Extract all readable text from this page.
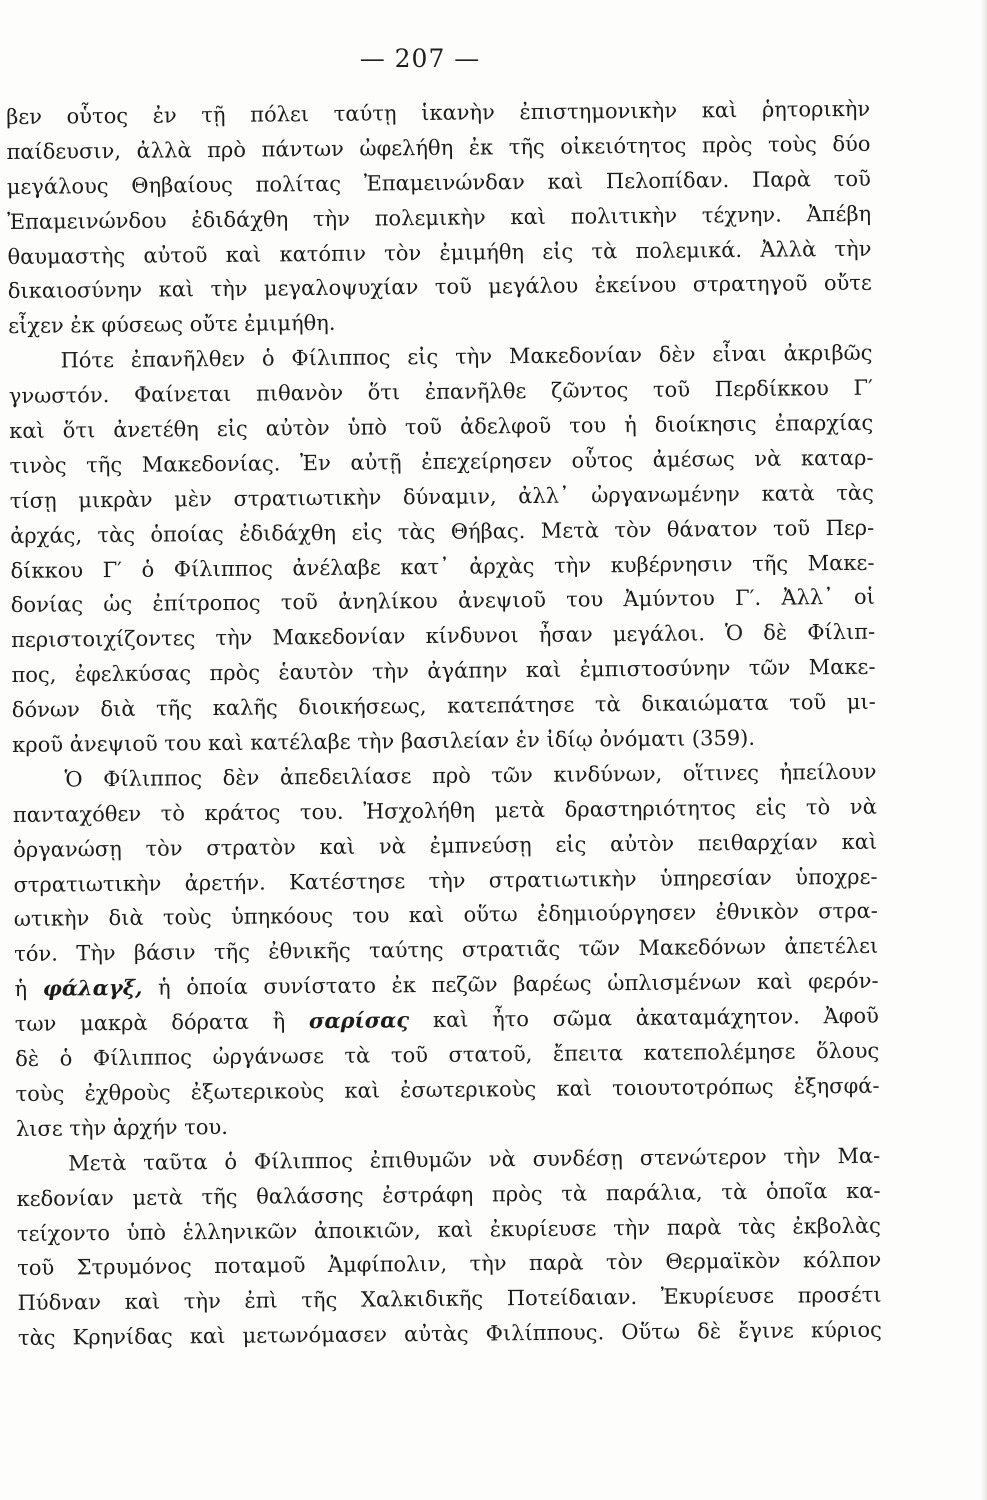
— 207 —
βεν οὗτος ἐν τῇ πόλει ταύτῃ ἱκανὴν ἐπιστημονικὴν καὶ ῥητορικὴν
παίδευσιν, ἀλλὰ πρὸ πάντων ὠφελήθη ἐκ τῆς οἰκειότητος πρὸς τοὺς δύο
μεγάλους Θηβαίους πολίτας Ἐπαμεινώνδαν καὶ Πελοπίδαν. Παρὰ τοῦ
Ἐπαμεινώνδου ἐδιδάχθη τὴν πολεμικὴν καὶ πολιτικὴν τέχνην. Ἀπέβη
θαυμαστὴς αὐτοῦ καὶ κατόπιν τὸν ἐμιμήθη εἰς τὰ πολεμικά. Ἀλλὰ τὴν
δικαιοσύνην καὶ τὴν μεγαλοψυχίαν τοῦ μεγάλου ἐκείνου στρατηγοῦ οὔτε
εἶχεν ἐκ φύσεως οὔτε ἐμιμήθη.
Πότε ἐπανῆλθεν ὁ Φίλιππος εἰς τὴν Μακεδονίαν δὲν εἶναι ἀκριβῶς
γνωστόν. Φαίνεται πιθανὸν ὅτι ἐπανῆλθε ζῶντος τοῦ Περδίκκου Γ′
καὶ ὅτι ἀνετέθη εἰς αὐτὸν ὑπὸ τοῦ ἀδελφοῦ του ἡ διοίκησις ἐπαρχίας
τινὸς τῆς Μακεδονίας. Ἐν αὐτῇ ἐπεχείρησεν οὗτος ἀμέσως νὰ καταρ-
τίσῃ μικρὰν μὲν στρατιωτικὴν δύναμιν, ἀλλ᾽ ὠργανωμένην κατὰ τὰς
ἀρχάς, τὰς ὁποίας ἐδιδάχθη εἰς τὰς Θήβας. Μετὰ τὸν θάνατον τοῦ Περ-
δίκκου Γ′ ὁ Φίλιππος ἀνέλαβε κατ᾽ ἀρχὰς τὴν κυβέρνησιν τῆς Μακε-
δονίας ὡς ἐπίτροπος τοῦ ἀνηλίκου ἀνεψιοῦ του Ἀμύντου Γ′. Ἀλλ᾽ οἱ
περιστοιχίζοντες τὴν Μακεδονίαν κίνδυνοι ἦσαν μεγάλοι. Ὁ δὲ Φίλιπ-
πος, ἐφελκύσας πρὸς ἑαυτὸν τὴν ἀγάπην καὶ ἐμπιστοσύνην τῶν Μακε-
δόνων διὰ τῆς καλῆς διοικήσεως, κατεπάτησε τὰ δικαιώματα τοῦ μι-
κροῦ ἀνεψιοῦ του καὶ κατέλαβε τὴν βασιλείαν ἐν ἰδίῳ ὀνόματι (359).
Ὁ Φίλιππος δὲν ἀπεδειλίασε πρὸ τῶν κινδύνων, οἵτινες ἠπείλουν
πανταχόθεν τὸ κράτος του. Ἠσχολήθη μετὰ δραστηριότητος εἰς τὸ νὰ
ὀργανώσῃ τὸν στρατὸν καὶ νὰ ἐμπνεύσῃ εἰς αὐτὸν πειθαρχίαν καὶ
στρατιωτικὴν ἀρετήν. Κατέστησε τὴν στρατιωτικὴν ὑπηρεσίαν ὑποχρε-
ωτικὴν διὰ τοὺς ὑπηκόους του καὶ οὕτω ἐδημιούργησεν ἐθνικὸν στρα-
τόν. Τὴν βάσιν τῆς ἐθνικῆς ταύτης στρατιᾶς τῶν Μακεδόνων ἀπετέλει
ἡ φάλαγξ, ἡ ὁποία συνίστατο ἐκ πεζῶν βαρέως ὡπλισμένων καὶ φερόν-
των μακρὰ δόρατα ἢ σαρίσας καὶ ἦτο σῶμα ἀκαταμάχητον. Ἀφοῦ
δὲ ὁ Φίλιππος ὠργάνωσε τὰ τοῦ στατοῦ, ἔπειτα κατεπολέμησε ὅλους
τοὺς ἐχθροὺς ἐξωτερικοὺς καὶ ἐσωτερικοὺς καὶ τοιουτοτρόπως ἐξησφά-
λισε τὴν ἀρχήν του.
Μετὰ ταῦτα ὁ Φίλιππος ἐπιθυμῶν νὰ συνδέσῃ στενώτερον τὴν Μα-
κεδονίαν μετὰ τῆς θαλάσσης ἐστράφη πρὸς τὰ παράλια, τὰ ὁποῖα κα-
τείχοντο ὑπὸ ἑλληνικῶν ἀποικιῶν, καὶ ἐκυρίευσε τὴν παρὰ τὰς ἐκβολὰς
τοῦ Στρυμόνος ποταμοῦ Ἀμφίπολιν, τὴν παρὰ τὸν Θερμαϊκὸν κόλπον
Πύδναν καὶ τὴν ἐπὶ τῆς Χαλκιδικῆς Ποτείδαιαν. Ἐκυρίευσε προσέτι
τὰς Κρηνίδας καὶ μετωνόμασεν αὐτὰς Φιλίππους. Οὕτω δὲ ἔγινε κύριος
